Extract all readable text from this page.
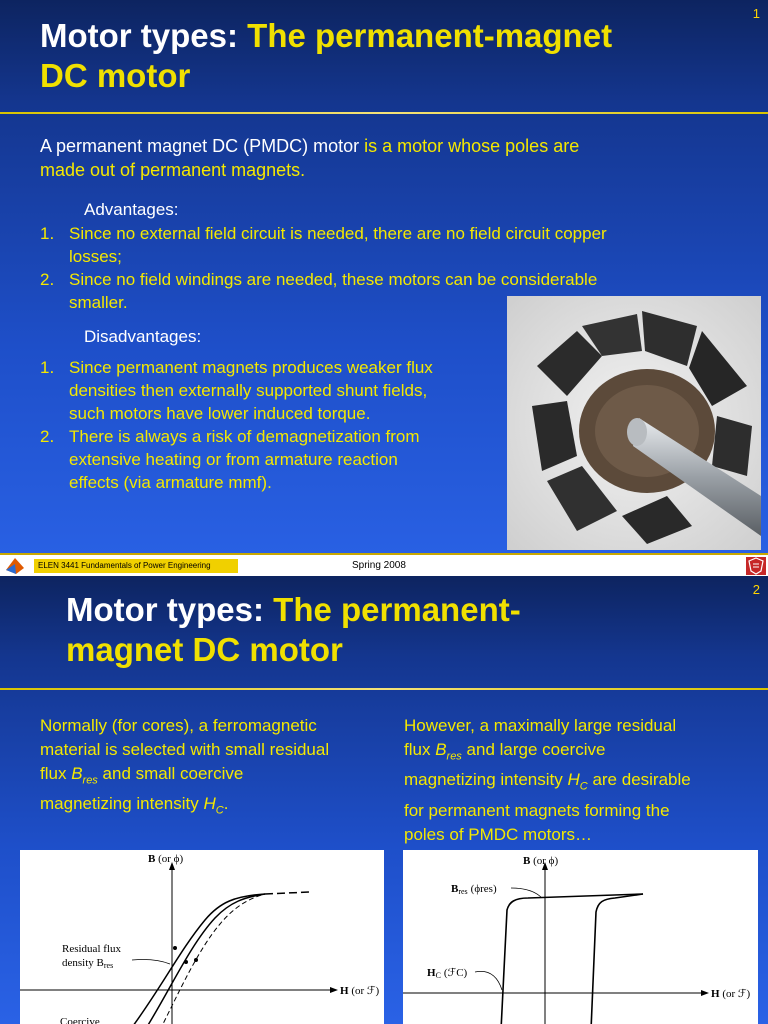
1
Motor types: The permanent-magnet
DC motor
A permanent magnet DC (PMDC) motor is a motor whose poles are
made out of permanent magnets.
Advantages:
1. Since no external field circuit is needed, there are no field circuit copper
losses;
2. Since no field windings are needed, these motors can be considerable
smaller.
Disadvantages:
1. Since permanent magnets produces weaker flux
densities then externally supported shunt fields,
such motors have lower induced torque.
2. There is always a risk of demagnetization from
extensive heating or from armature reaction
effects (via armature mmf).
ELEN 3441 Fundamentals of Power Engineering	Spring 2008
2
Motor types: The permanent-
magnet DC motor
Normally (for cores), a ferromagnetic
material is selected with small residual
flux $B_{res}$ and small coercive
magnetizing intensity $H_C$.
However, a maximally large residual
flux $B_{res}$ and large coercive
magnetizing intensity $H_C$ are desirable
for permanent magnets forming the
poles of PMDC motors…
B (or ϕ)
H (or ℱ)
Residual flux
density Bres
Coercive
B (or ϕ)
H (or ℱ)
Bres (ϕres)
HC (ℱC)
